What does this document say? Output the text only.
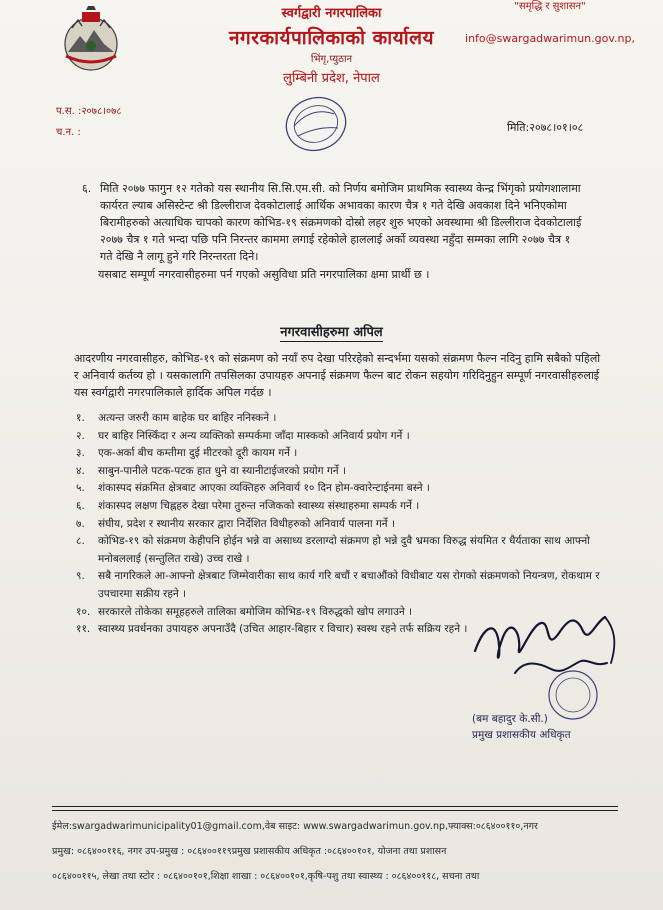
"समृद्धि र सुशासन"
स्वर्गद्वारी नगरपालिका
नगरकार्यपालिकाको कार्यालय	info@swargadwarimun.gov.np,
भिंगृ,प्युठान
लुम्बिनी प्रदेश, नेपाल
प.स. :२०७८।०७८
च.न. :	मिति:२०७८।०१।०८
६. मिति २०७७ फागुन १२ गतेको यस स्थानीय सि.सि.एम.सी. को निर्णय बमोजिम प्राथमिक स्वास्थ्य केन्द्र भिंगृको प्रयोगशालामा कार्यरत ल्याब असिस्टेन्ट श्री डिल्लीराज देवकोटालाई आर्थिक अभावका कारण चैत्र १ गते देखि अवकाश दिने भनिएकोमा बिरामीहरुको अत्याधिक चापको कारण कोभिड-१९ संक्रमणको दोस्रो लहर शुरु भएको अवस्थामा श्री डिल्लीराज देवकोटालाई २०७७ चैत्र १ गते भन्दा पछि पनि निरन्तर काममा लगाई रहेकोले हाललाई अर्को व्यवस्था नहुँदा सम्मका लागि २०७७ चैत्र १ गते देखि नै लागू हुने गरि निरन्तरता दिने।
यसबाट सम्पूर्ण नगरवासीहरुमा पर्न गएको असुविधा प्रति नगरपालिका क्षमा प्रार्थी छ ।
नगरवासीहरुमा अपिल
आदरणीय नगरवासीहरु, कोभिड-१९ को संक्रमण को नयाँ रुप देखा परिरहेको सन्दर्भमा यसको संक्रमण फैल्न नदिनु हामि सबैको पहिलो र अनिवार्य कर्तव्य हो । यसकालागि तपसिलका उपायहरु अपनाई संक्रमण फैल्न बाट रोकन सहयोग गरिदिनुहुन सम्पूर्ण नगरवासीहरुलाई यस स्वर्गद्वारी नगरपालिकाले हार्दिक अपिल गर्दछ ।
१.	अत्यन्त जरुरी काम बाहेक घर बाहिर ननिस्कने ।
२.	घर बाहिर निस्किँदा र अन्य व्यक्तिको सम्पर्कमा जाँदा मास्कको अनिवार्य प्रयोग गर्ने ।
३.	एक-अर्का बीच कम्तीमा दुई मीटरको दूरी कायम गर्ने ।
४.	साबुन-पानीले पटक-पटक हात धुने वा स्यानीटाईजरको प्रयोग गर्ने ।
५.	शंकास्पद संक्रमित क्षेत्रबाट आएका व्यक्तिहरु अनिवार्य १० दिन होम-क्वारेन्टाईनमा बस्ने ।
६.	शंकास्पद लक्षण चिह्नहरु देखा परेमा तुरुन्त नजिकको स्वास्थ्य संस्थाहरुमा सम्पर्क गर्ने ।
७.	संघीय, प्रदेश र स्थानीय सरकार द्वारा निर्देशित विधीहरुको अनिवार्य पालना गर्ने ।
८.	कोभिड-१९ को संक्रमण केहीपनि होईन भन्ने वा असाध्य डरलाग्दो संक्रमण हो भन्ने दुवै भ्रमका विरुद्ध संयमित र धैर्यताका साथ आफ्नो मनोबललाई (सन्तुलित राखे) उच्च राखे ।
९.	सबै नागरिकले आ-आफ्नो क्षेत्रबाट जिम्मेवारीका साथ कार्य गरि बचौं र बचाऔंको विधीबाट यस रोगको संक्रमणको नियन्त्रण, रोकथाम र उपचारमा सक्रीय रहने ।
१०. सरकारले तोकेका समूहहरुले तालिका बमोजिम कोभिड-१९ विरुद्धको खोप लगाउने ।
११. स्वास्थ्य प्रवर्धनका उपायहरु अपनाउँदै (उचित आहार-बिहार र विचार) स्वस्थ रहने तर्फ सक्रिय रहने ।
(बम बहादुर के.सी.)
प्रमुख प्रशासकीय अधिकृत
ईमेल:swargadwarimunicipality01@gmail.com,वेब साइट: www.swargadwarimun.gov.np,फ्याक्स:०८६४००११०,नगर
प्रमुख: ०८६४००११६, नगर उप-प्रमुख : ०८६४००११९प्रमुख प्रशासकीय अधिकृत :०८६४००१०१, योजना तथा प्रशासन
०८६४००११५, लेखा तथा स्टोर : ०८६४००१०१,शिक्षा शाखा : ०८६४००१०१,कृषि-पशु तथा स्वास्थ्य : ०८६४००११८, सचना तथा
